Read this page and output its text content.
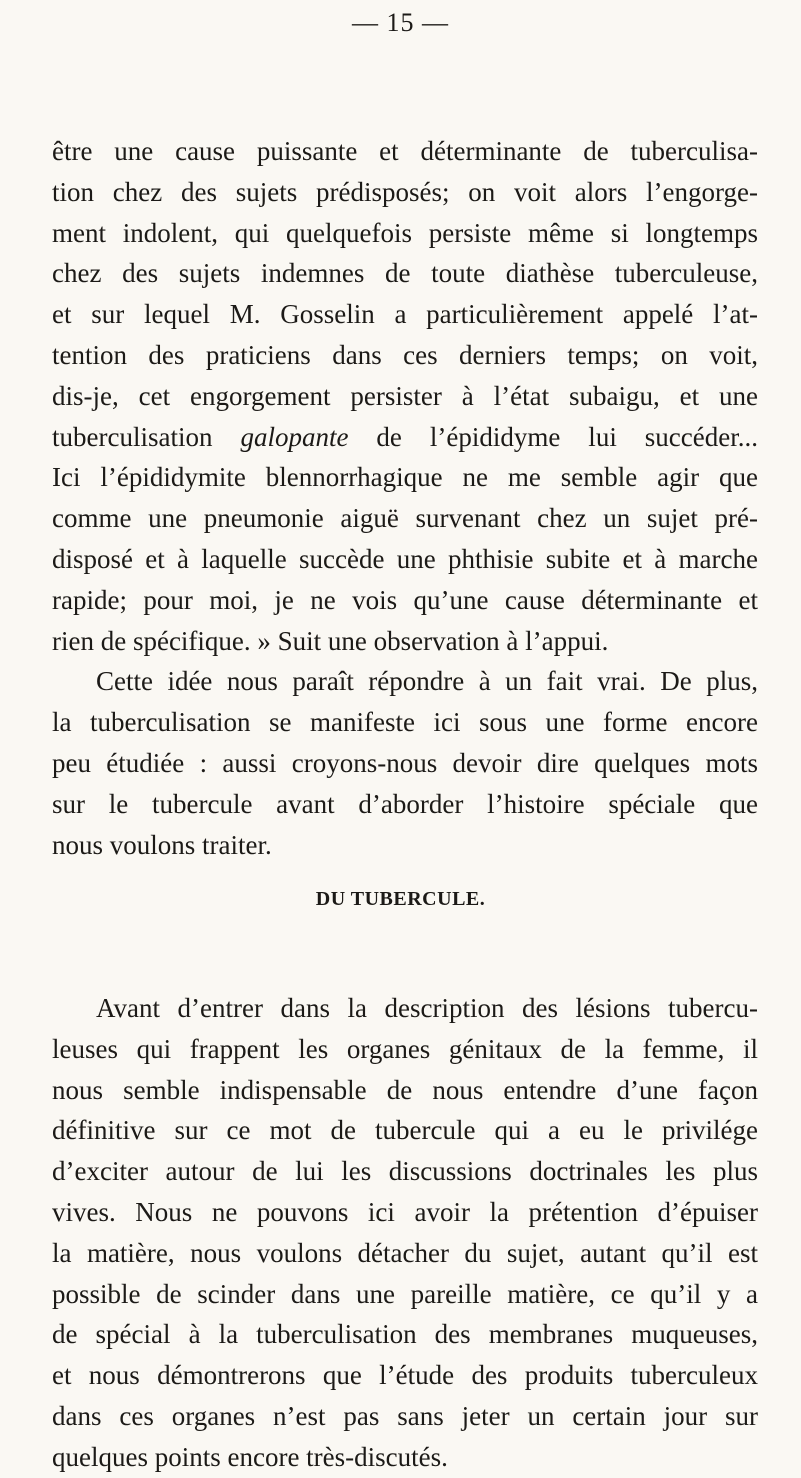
— 15 —
être une cause puissante et déterminante de tuberculisa-
tion chez des sujets prédisposés; on voit alors l’engorge-
ment indolent, qui quelquefois persiste même si longtemps
chez des sujets indemnes de toute diathèse tuberculeuse,
et sur lequel M. Gosselin a particulièrement appelé l’at-
tention des praticiens dans ces derniers temps; on voit,
dis-je, cet engorgement persister à l’état subaigu, et une
tuberculisation galopante de l’épididyme lui succéder...
Ici l’épididymite blennorrhagique ne me semble agir que
comme une pneumonie aiguë survenant chez un sujet pré-
disposé et à laquelle succède une phthisie subite et à marche
rapide; pour moi, je ne vois qu’une cause déterminante et
rien de spécifique. » Suit une observation à l’appui.
Cette idée nous paraît répondre à un fait vrai. De plus,
la tuberculisation se manifeste ici sous une forme encore
peu étudiée : aussi croyons-nous devoir dire quelques mots
sur le tubercule avant d’aborder l’histoire spéciale que
nous voulons traiter.
DU TUBERCULE.
Avant d’entrer dans la description des lésions tubercu-
leuses qui frappent les organes génitaux de la femme, il
nous semble indispensable de nous entendre d’une façon
définitive sur ce mot de tubercule qui a eu le privilége
d’exciter autour de lui les discussions doctrinales les plus
vives. Nous ne pouvons ici avoir la prétention d’épuiser
la matière, nous voulons détacher du sujet, autant qu’il est
possible de scinder dans une pareille matière, ce qu’il y a
de spécial à la tuberculisation des membranes muqueuses,
et nous démontrerons que l’étude des produits tuberculeux
dans ces organes n’est pas sans jeter un certain jour sur
quelques points encore très-discutés.
